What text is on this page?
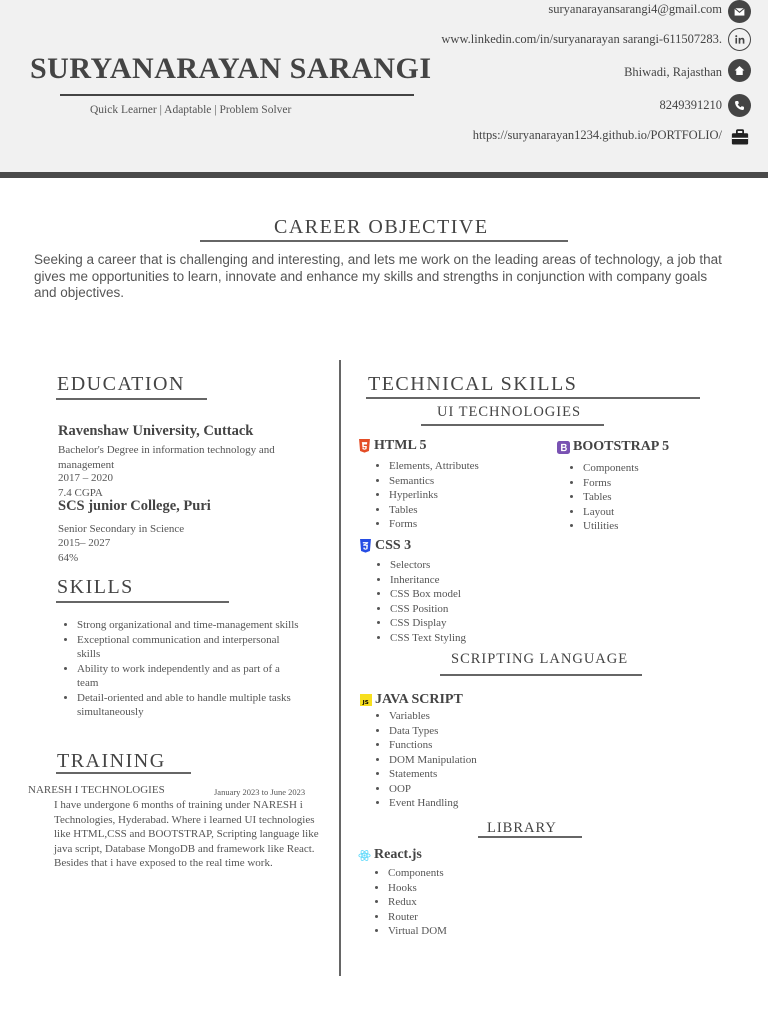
SURYANARAYAN SARANGI
Quick Learner | Adaptable | Problem Solver
suryanarayansarangi4@gmail.com
www.linkedin.com/in/suryanarayan sarangi-611507283.
Bhiwadi, Rajasthan
8249391210
https://suryanarayan1234.github.io/PORTFOLIO/
CAREER OBJECTIVE
Seeking a career that is challenging and interesting, and lets me work on the leading areas of technology, a job that gives me opportunities to learn, innovate and enhance my skills and strengths in conjunction with company goals and objectives.
EDUCATION
Ravenshaw University, Cuttack
Bachelor's Degree in information technology and management
2017 – 2020
7.4 CGPA
SCS junior College, Puri
Senior Secondary in Science
2015– 2027
64%
SKILLS
• Strong organizational and time-management skills
• Exceptional communication and interpersonal skills
• Ability to work independently and as part of a team
• Detail-oriented and able to handle multiple tasks simultaneously
TRAINING
NARESH I TECHNOLOGIES	January 2023 to June 2023
I have undergone 6 months of training under NARESH i Technologies, Hyderabad. Where i learned UI technologies like HTML,CSS and BOOTSTRAP, Scripting language like java script, Database MongoDB and framework like React. Besides that i have exposed to the real time work.
TECHNICAL SKILLS
UI TECHNOLOGIES
HTML 5
• Elements, Attributes
• Semantics
• Hyperlinks
• Tables
• Forms
BOOTSTRAP 5
• Components
• Forms
• Tables
• Layout
• Utilities
CSS 3
• Selectors
• Inheritance
• CSS Box model
• CSS Position
• CSS Display
• CSS Text Styling
SCRIPTING LANGUAGE
JS JAVA SCRIPT
• Variables
• Data Types
• Functions
• DOM Manipulation
• Statements
• OOP
• Event Handling
LIBRARY
React.js
• Components
• Hooks
• Redux
• Router
• Virtual DOM
